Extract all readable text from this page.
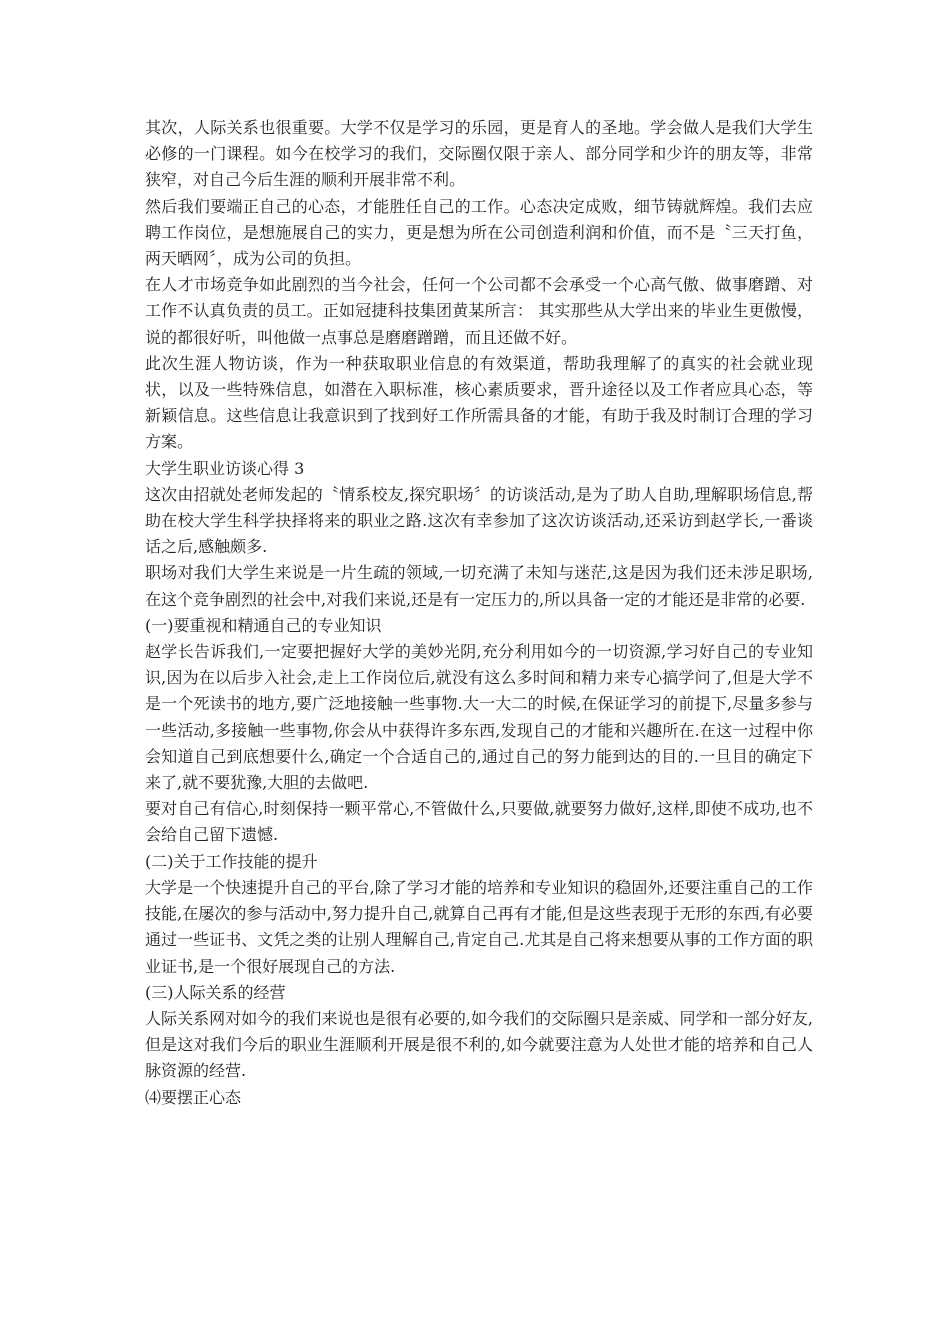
其次，人际关系也很重要。大学不仅是学习的乐园，更是育人的圣地。学会做人是我们大学生必修的一门课程。如今在校学习的我们，交际圈仅限于亲人、部分同学和少许的朋友等，非常狭窄，对自己今后生涯的顺利开展非常不利。

然后我们要端正自己的心态，才能胜任自己的工作。心态决定成败，细节铸就辉煌。我们去应聘工作岗位，是想施展自己的实力，更是想为所在公司创造利润和价值，而不是〝三天打鱼，两天晒网〞，成为公司的负担。

在人才市场竞争如此剧烈的当今社会，任何一个公司都不会承受一个心高气傲、做事磨蹭、对工作不认真负责的员工。正如冠捷科技集团黄某所言： 其实那些从大学出来的毕业生更傲慢，说的都很好听，叫他做一点事总是磨磨蹭蹭，而且还做不好。

此次生涯人物访谈，作为一种获取职业信息的有效渠道，帮助我理解了的真实的社会就业现状，以及一些特殊信息，如潜在入职标准，核心素质要求，晋升途径以及工作者应具心态，等新颖信息。这些信息让我意识到了找到好工作所需具备的才能，有助于我及时制订合理的学习方案。

大学生职业访谈心得 3

这次由招就处老师发起的〝情系校友,探究职场〞的访谈活动,是为了助人自助,理解职场信息,帮助在校大学生科学抉择将来的职业之路.这次有幸参加了这次访谈活动,还采访到赵学长,一番谈话之后,感触颇多.

职场对我们大学生来说是一片生疏的领域,一切充满了未知与迷茫,这是因为我们还未涉足职场,在这个竞争剧烈的社会中,对我们来说,还是有一定压力的,所以具备一定的才能还是非常的必要.

(一)要重视和精通自己的专业知识

赵学长告诉我们,一定要把握好大学的美妙光阴,充分利用如今的一切资源,学习好自己的专业知识,因为在以后步入社会,走上工作岗位后,就没有这么多时间和精力来专心搞学问了,但是大学不是一个死读书的地方,要广泛地接触一些事物.大一大二的时候,在保证学习的前提下,尽量多参与一些活动,多接触一些事物,你会从中获得许多东西,发现自己的才能和兴趣所在.在这一过程中你会知道自己到底想要什么,确定一个合适自己的,通过自己的努力能到达的目的.一旦目的确定下来了,就不要犹豫,大胆的去做吧.

要对自己有信心,时刻保持一颗平常心,不管做什么,只要做,就要努力做好,这样,即使不成功,也不会给自己留下遗憾.

(二)关于工作技能的提升

大学是一个快速提升自己的平台,除了学习才能的培养和专业知识的稳固外,还要注重自己的工作技能,在屡次的参与活动中,努力提升自己,就算自己再有才能,但是这些表现于无形的东西,有必要通过一些证书、文凭之类的让别人理解自己,肯定自己.尤其是自己将来想要从事的工作方面的职业证书,是一个很好展现自己的方法.

(三)人际关系的经营

人际关系网对如今的我们来说也是很有必要的,如今我们的交际圈只是亲威、同学和一部分好友,但是这对我们今后的职业生涯顺利开展是很不利的,如今就要注意为人处世才能的培养和自己人脉资源的经营.

⑷要摆正心态
